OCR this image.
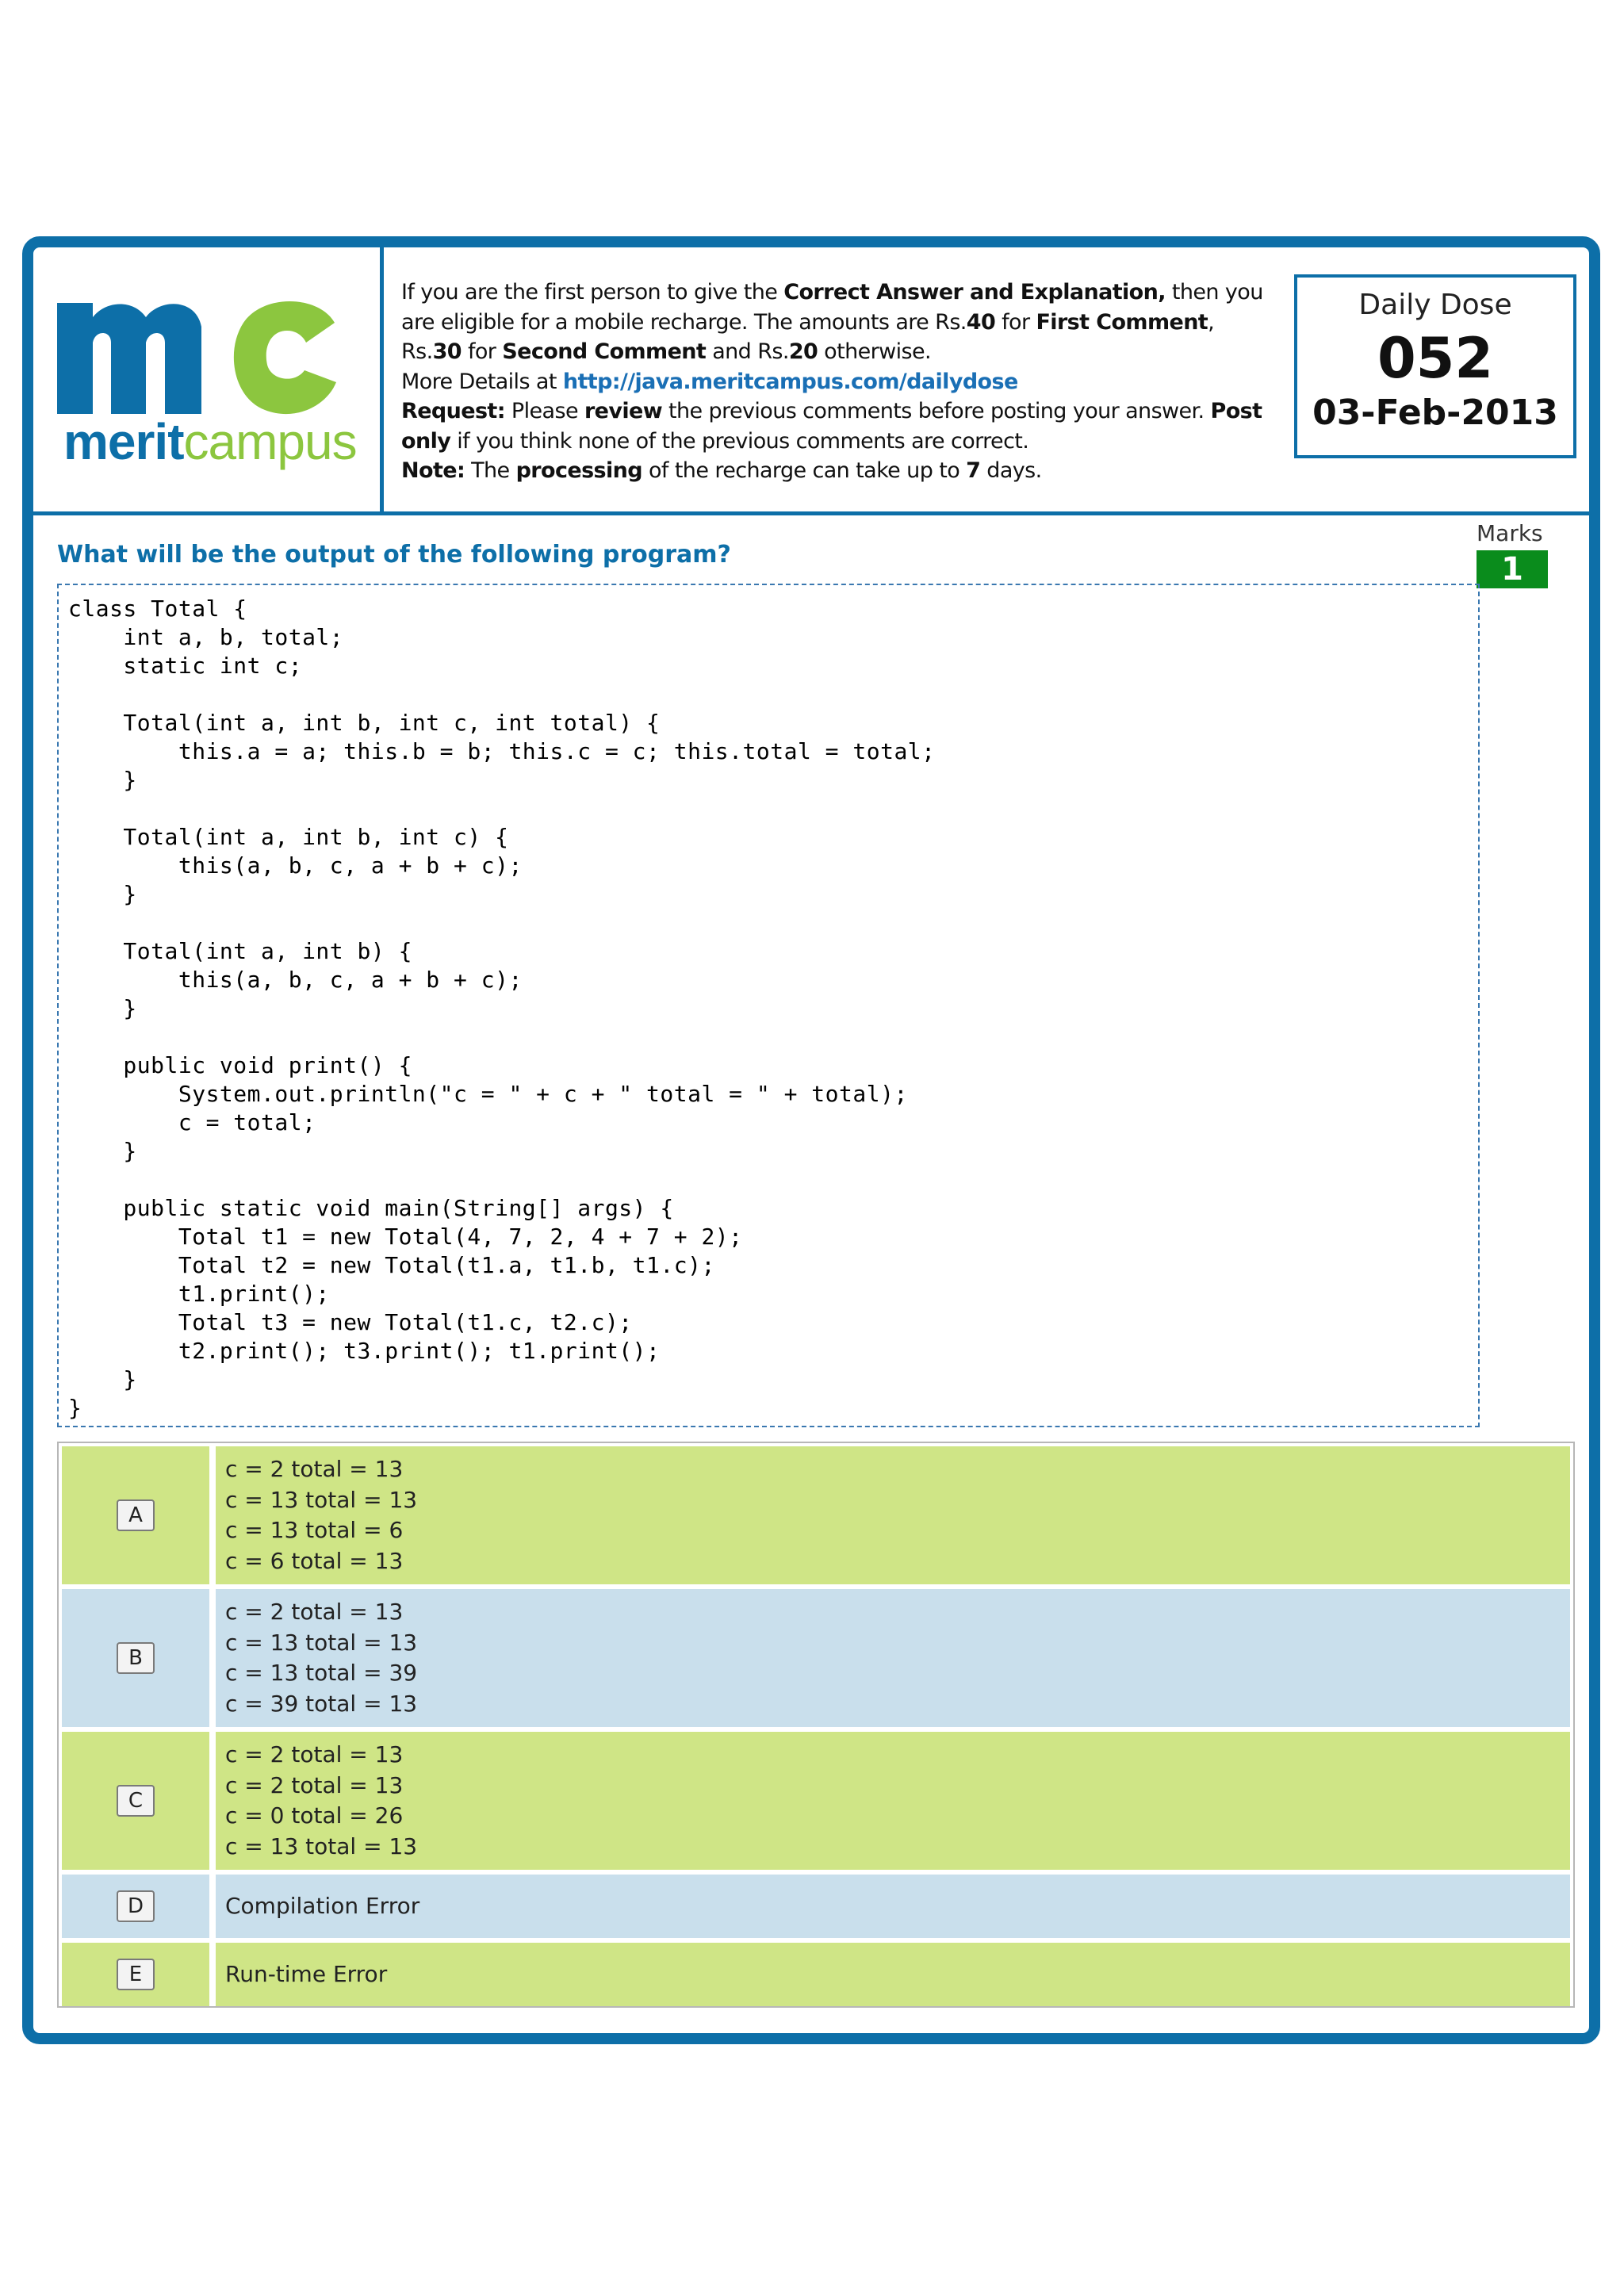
meritcampus
If you are the first person to give the Correct Answer and Explanation, then you are eligible for a mobile recharge. The amounts are Rs.40 for First Comment, Rs.30 for Second Comment and Rs.20 otherwise.
More Details at http://java.meritcampus.com/dailydose
Request: Please review the previous comments before posting your answer. Post only if you think none of the previous comments are correct.
Note: The processing of the recharge can take up to 7 days.
Daily Dose
052
03-Feb-2013
What will be the output of the following program?
Marks
1
class Total {
int a, b, total;
static int c;

Total(int a, int b, int c, int total) {
this.a = a; this.b = b; this.c = c; this.total = total;
}

Total(int a, int b, int c) {
this(a, b, c, a + b + c);
}

Total(int a, int b) {
this(a, b, c, a + b + c);
}

public void print() {
System.out.println("c = " + c + " total = " + total);
c = total;
}

public static void main(String[] args) {
Total t1 = new Total(4, 7, 2, 4 + 7 + 2);
Total t2 = new Total(t1.a, t1.b, t1.c);
t1.print();
Total t3 = new Total(t1.c, t2.c);
t2.print(); t3.print(); t1.print();
}
}
A
c = 2 total = 13
c = 13 total = 13
c = 13 total = 6
c = 6 total = 13
B
c = 2 total = 13
c = 13 total = 13
c = 13 total = 39
c = 39 total = 13
C
c = 2 total = 13
c = 2 total = 13
c = 0 total = 26
c = 13 total = 13
D	Compilation Error
E	Run-time Error
